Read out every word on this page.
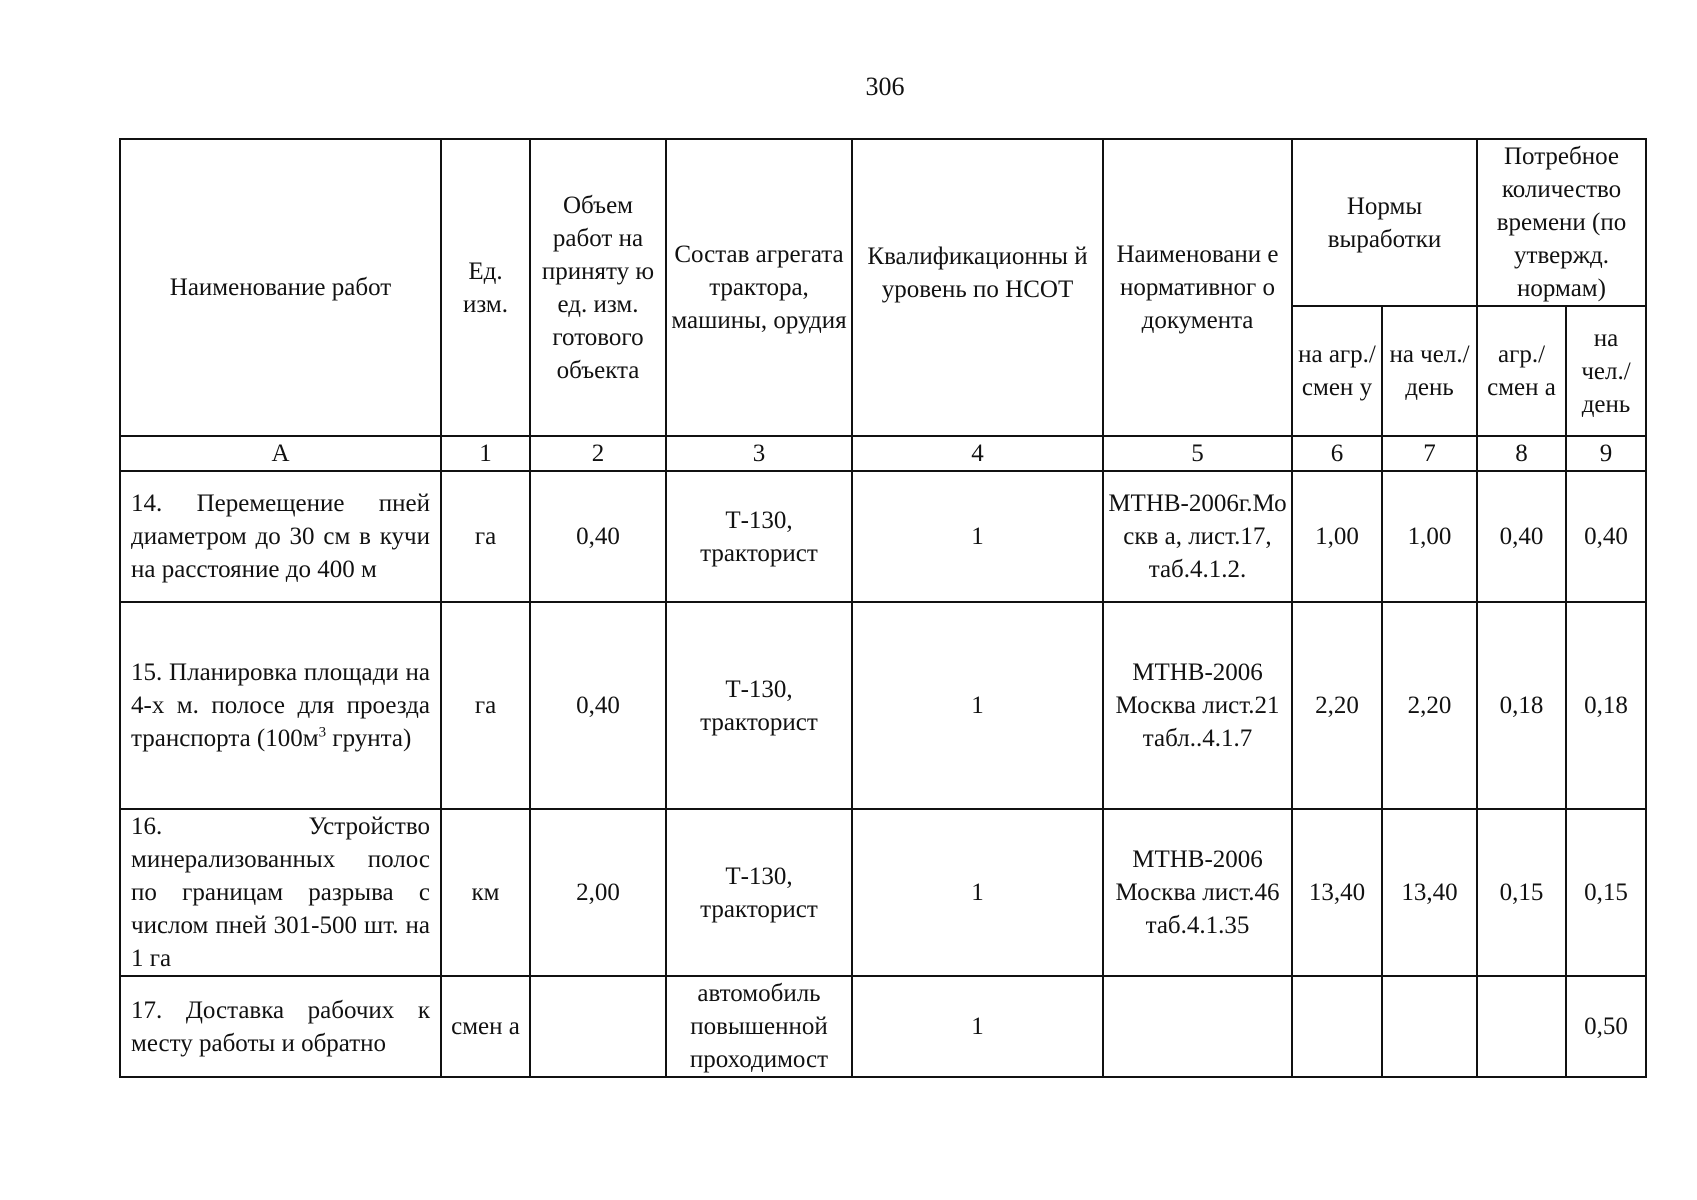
306
Наименование работ	Ед. изм.	Объем работ на приняту ю ед. изм. готового объекта	Состав агрегата трактора, машины, орудия	Квалификационны й уровень по НСОТ	Наименовани е нормативног о документа	Нормы выработки		Потребное количество времени (по утвержд. нормам)	
						на агр./ смен у	на чел./ день	агр./ смен а	на чел./ день
А	1	2	3	4	5	6	7	8	9
14. Перемещение пней диаметром до 30 см в кучи на расстояние до 400 м	га	0,40	Т-130, тракторист	1	МТНВ-2006г.Москв а, лист.17, таб.4.1.2.	1,00	1,00	0,40	0,40
15. Планировка площади на 4-х м. полосе для проезда транспорта ($100м^3$ грунта)	га	0,40	Т-130, тракторист	1	МТНВ-2006 Москва лист.21 табл..4.1.7	2,20	2,20	0,18	0,18
16. Устройство минерализованных полос по границам разрыва с числом пней 301-500 шт. на 1 га	км	2,00	Т-130, тракторист	1	МТНВ-2006 Москва лист.46 таб.4.1.35	13,40	13,40	0,15	0,15
17. Доставка рабочих к месту работы и обратно	смен а		автомобиль повышенной проходимост	1					0,50
